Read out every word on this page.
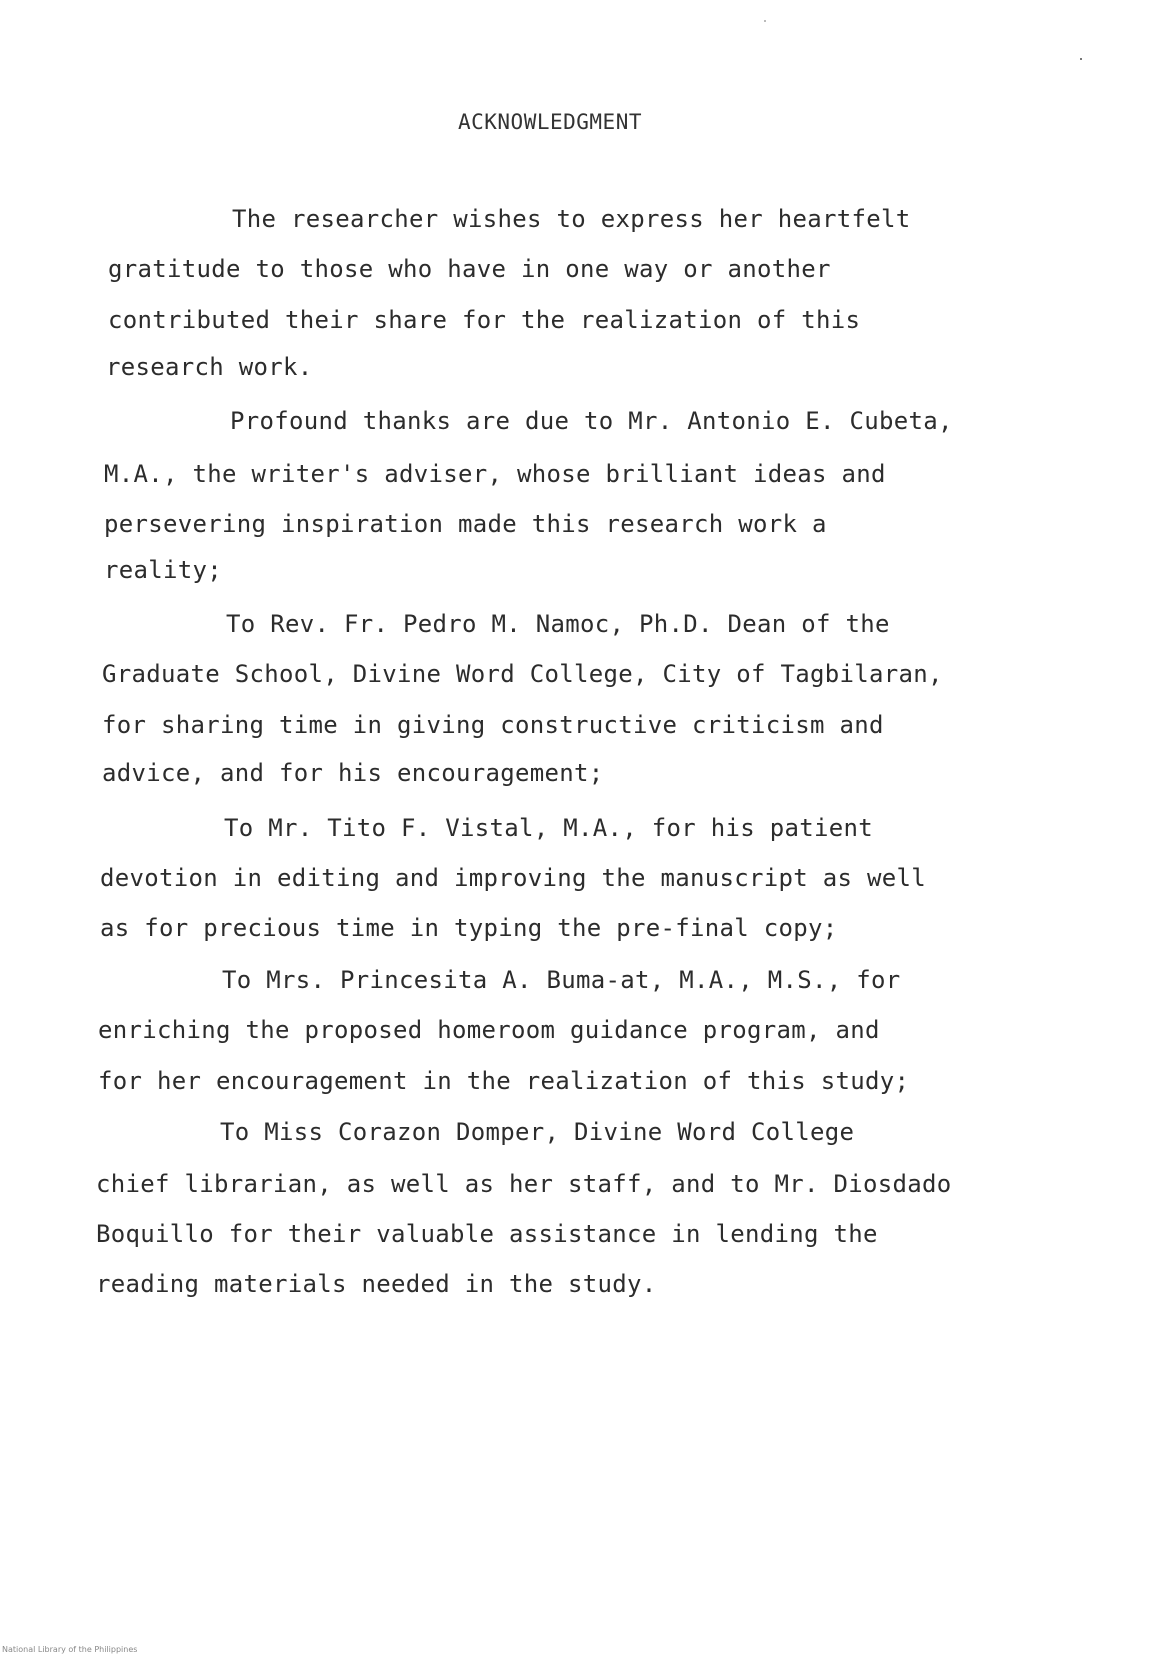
ACKNOWLEDGMENT
The researcher wishes to express her heartfelt
gratitude to those who have in one way or another
contributed their share for the realization of this
research work.
Profound thanks are due to Mr. Antonio E. Cubeta,
M.A., the writer's adviser, whose brilliant ideas and
persevering inspiration made this research work a
reality;
To Rev. Fr. Pedro M. Namoc, Ph.D. Dean of the
Graduate School, Divine Word College, City of Tagbilaran,
for sharing time in giving constructive criticism and
advice, and for his encouragement;
To Mr. Tito F. Vistal, M.A., for his patient
devotion in editing and improving the manuscript as well
as for precious time in typing the pre-final copy;
To Mrs. Princesita A. Buma-at, M.A., M.S., for
enriching the proposed homeroom guidance program, and
for her encouragement in the realization of this study;
To Miss Corazon Domper, Divine Word College
chief librarian, as well as her staff, and to Mr. Diosdado
Boquillo for their valuable assistance in lending the
reading materials needed in the study.
National Library of the Philippines
